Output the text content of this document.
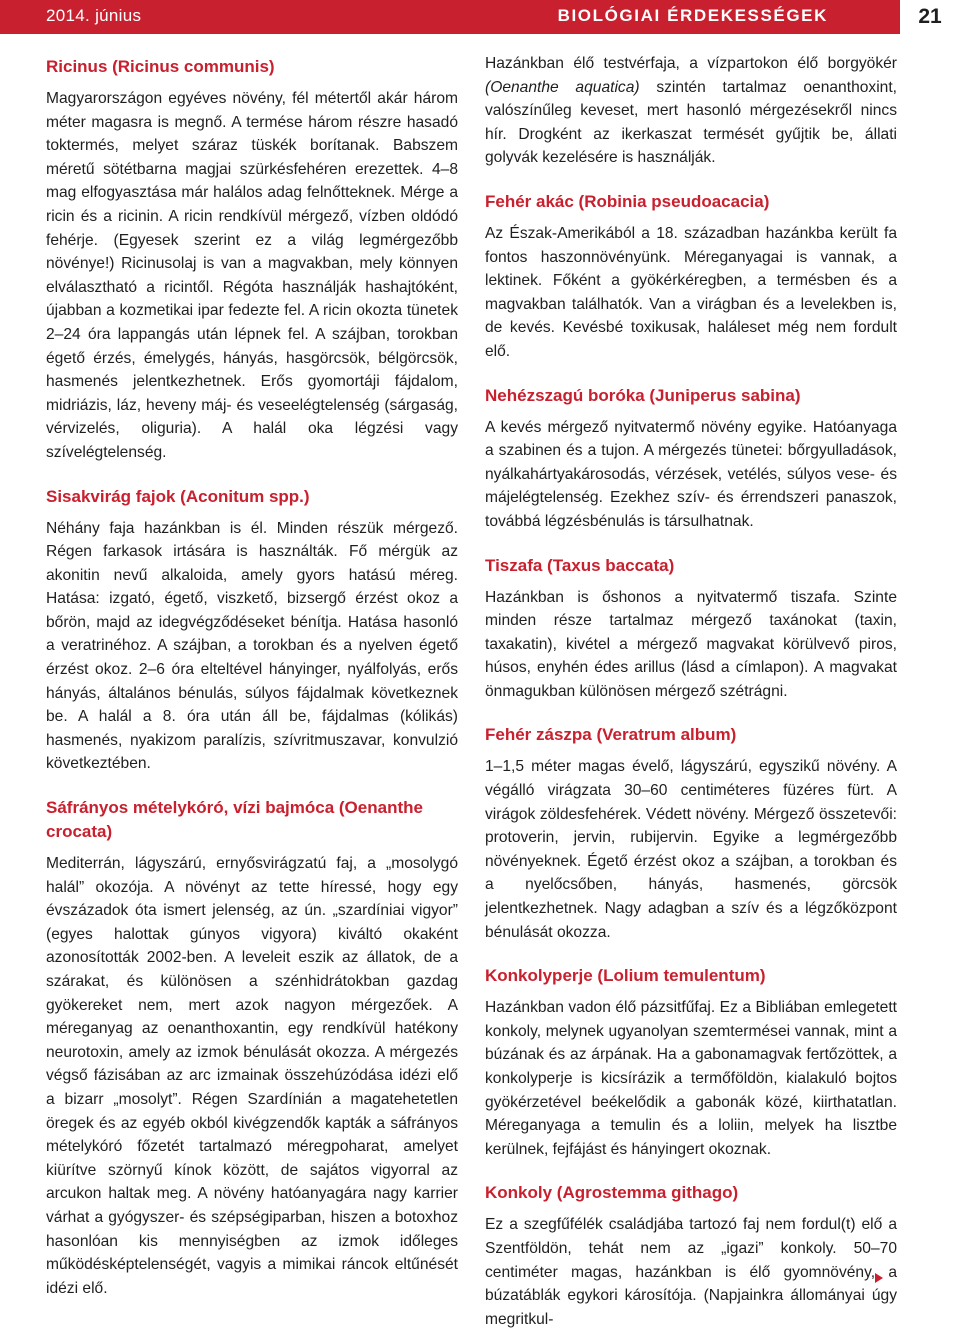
2014. június	BIOLÓGIAI ÉRDEKESSÉGEK	21
Ricinus (Ricinus communis)

Magyarországon egyéves növény, fél métertől akár három méter magasra is megnő. A termése három részre hasadó toktermés, melyet száraz tüskék borítanak. Babszem méretű sötétbarna magjai szürkésfehéren erezettek. 4–8 mag elfogyasztása már halálos adag felnőtteknek. Mérge a ricin és a ricinin. A ricin rendkívül mérgező, vízben oldódó fehérje. (Egyesek szerint ez a világ legmérgezőbb növénye!) Ricinusolaj is van a magvakban, mely könnyen elválasztható a ricintől. Régóta használják hashajtóként, újabban a kozmetikai ipar fedezte fel. A ricin okozta tünetek 2–24 óra lappangás után lépnek fel. A szájban, torokban égető érzés, émelygés, hányás, hasgörcsök, bélgörcsök, hasmenés jelentkezhetnek. Erős gyomortáji fájdalom, midriázis, láz, heveny máj- és veseelégtelenség (sárgaság, vérvizelés, oliguria). A halál oka légzési vagy szívelégtelenség.

Sisakvirág fajok (Aconitum spp.)

Néhány faja hazánkban is él. Minden részük mérgező. Régen farkasok irtására is használták. Fő mérgük az akonitin nevű alkaloida, amely gyors hatású méreg. Hatása: izgató, égető, viszkető, bizsergő érzést okoz a bőrön, majd az idegvégződéseket bénítja. Hatása hasonló a veratrinéhoz. A szájban, a torokban és a nyelven égető érzést okoz. 2–6 óra elteltével hányinger, nyálfolyás, erős hányás, általános bénulás, súlyos fájdalmak következnek be. A halál a 8. óra után áll be, fájdalmas (kólikás) hasmenés, nyakizom paralízis, szívritmuszavar, konvulzió következtében.

Sáfrányos mételykóró, vízi bajmóca (Oenanthe crocata)

Mediterrán, lágyszárú, ernyősvirágzatú faj, a „mosolygó halál” okozója. A növényt az tette híressé, hogy egy évszázadok óta ismert jelenség, az ún. „szardíniai vigyor” (egyes halottak gúnyos vigyora) kiváltó okaként azonosították 2002-ben. A leveleit eszik az állatok, de a szárakat, és különösen a szénhidrátokban gazdag gyökereket nem, mert azok nagyon mérgezőek. A méreganyag az oenanthoxantin, egy rendkívül hatékony neurotoxin, amely az izmok bénulását okozza. A mérgezés végső fázisában az arc izmainak összehúzódása idézi elő a bizarr „mosolyt”. Régen Szardínián a magatehetetlen öregek és az egyéb okból kivégzendők kapták a sáfrányos mételykóró főzetét tartalmazó méregpoharat, amelyet kiürítve szörnyű kínok között, de sajátos vigyorral az arcukon haltak meg. A növény hatóanyagára nagy karrier várhat a gyógyszer- és szépségiparban, hiszen a botoxhoz hasonlóan kis mennyiségben az izmok időleges működésképtelenségét, vagyis a mimikai ráncok eltűnését idézi elő.

Hazánkban élő testvérfaja, a vízpartokon élő borgyökér (Oenanthe aquatica) szintén tartalmaz oenanthoxint, valószínűleg keveset, mert hasonló mérgezésekről nincs hír. Drogként az ikerkaszat termését gyűjtik be, állati golyvák kezelésére is használják.

Fehér akác (Robinia pseudoacacia)

Az Észak-Amerikából a 18. században hazánkba került fa fontos haszonnövényünk. Méreganyagai is vannak, a lektinek. Főként a gyökérkéregben, a termésben és a magvakban találhatók. Van a virágban és a levelekben is, de kevés. Kevésbé toxikusak, haláleset még nem fordult elő.

Nehézszagú boróka (Juniperus sabina)

A kevés mérgező nyitvatermő növény egyike. Hatóanyaga a szabinen és a tujon. A mérgezés tünetei: bőrgyulladások, nyálkahártyakárosodás, vérzések, vetélés, súlyos vese- és májelégtelenség. Ezekhez szív- és érrendszeri panaszok, továbbá légzésbénulás is társulhatnak.

Tiszafa (Taxus baccata)

Hazánkban is őshonos a nyitvatermő tiszafa. Szinte minden része tartalmaz mérgező taxánokat (taxin, taxakatin), kivétel a mérgező magvakat körülvevő piros, húsos, enyhén édes arillus (lásd a címlapon). A magvakat önmagukban különösen mérgező szétrágni.

Fehér zászpa (Veratrum album)

1–1,5 méter magas évelő, lágyszárú, egyszikű növény. A végálló virágzata 30–60 centiméteres füzéres fürt. A virágok zöldesfehérek. Védett növény. Mérgező összetevői: protoverin, jervin, rubijervin. Egyike a legmérgezőbb növényeknek. Égető érzést okoz a szájban, a torokban és a nyelőcsőben, hányás, hasmenés, görcsök jelentkezhetnek. Nagy adagban a szív és a légzőközpont bénulását okozza.

Konkolyperje (Lolium temulentum)

Hazánkban vadon élő pázsitfűfaj. Ez a Bibliában emlegetett konkoly, melynek ugyanolyan szemtermései vannak, mint a búzának és az árpának. Ha a gabonamagvak fertőzöttek, a konkolyperje is kicsírázik a termőföldön, kialakuló bojtos gyökérzetével beékelődik a gabonák közé, kiirthatatlan. Méreganyaga a temulin és a loliin, melyek ha lisztbe kerülnek, fejfájást és hányingert okoznak.

Konkoly (Agrostemma githago)

Ez a szegfűfélék családjába tartozó faj nem fordul(t) elő a Szentföldön, tehát nem az „igazi” konkoly. 50–70 centiméter magas, hazánkban is élő gyomnövény, a búzatáblák egykori károsítója. (Napjainkra állományai úgy megritkul-
